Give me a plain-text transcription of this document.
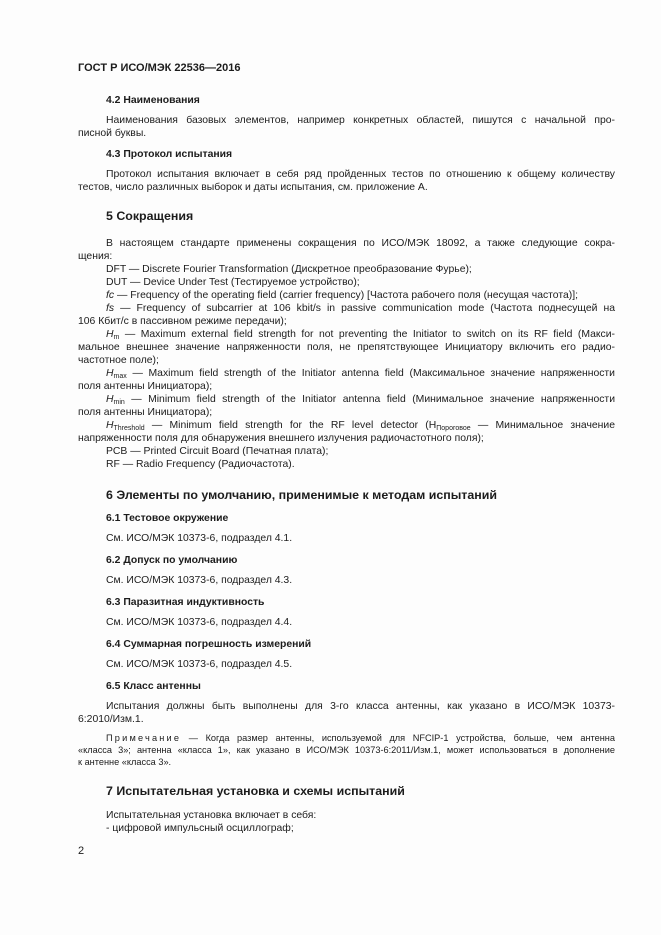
ГОСТ Р ИСО/МЭК 22536—2016
4.2 Наименования
Наименования базовых элементов, например конкретных областей, пишутся с начальной про-
писной буквы.
4.3 Протокол испытания
Протокол испытания включает в себя ряд пройденных тестов по отношению к общему количеству
тестов, число различных выборок и даты испытания, см. приложение А.
5 Сокращения
В настоящем стандарте применены сокращения по ИСО/МЭК 18092, а также следующие сокра-
щения:
DFT — Discrete Fourier Transformation (Дискретное преобразование Фурье);
DUT — Device Under Test (Тестируемое устройство);
fc — Frequency of the operating field (carrier frequency) [Частота рабочего поля (несущая частота)];
fs — Frequency of subcarrier at 106 kbit/s in passive communication mode (Частота поднесущей на
106 Кбит/с в пассивном режиме передачи);
$H_m$ — Maximum external field strength for not preventing the Initiator to switch on its RF field (Макси-
мальное внешнее значение напряженности поля, не препятствующее Инициатору включить его радио-
частотное поле);
$H_{max}$ — Maximum field strength of the Initiator antenna field (Максимальное значение напряженности
поля антенны Инициатора);
$H_{min}$ — Minimum field strength of the Initiator antenna field (Минимальное значение напряженности
поля антенны Инициатора);
$H_{Threshold}$ — Minimum field strength for the RF level detector ($H_{Пороговое}$ — Минимальное значение
напряженности поля для обнаружения внешнего излучения радиочастотного поля);
PCB — Printed Circuit Board (Печатная плата);
RF — Radio Frequency (Радиочастота).
6 Элементы по умолчанию, применимые к методам испытаний
6.1 Тестовое окружение
См. ИСО/МЭК 10373-6, подраздел 4.1.
6.2 Допуск по умолчанию
См. ИСО/МЭК 10373-6, подраздел 4.3.
6.3 Паразитная индуктивность
См. ИСО/МЭК 10373-6, подраздел 4.4.
6.4 Суммарная погрешность измерений
См. ИСО/МЭК 10373-6, подраздел 4.5.
6.5 Класс антенны
Испытания должны быть выполнены для 3-го класса антенны, как указано в ИСО/МЭК 10373-
6:2010/Изм.1.
Примечание — Когда размер антенны, используемой для NFCIP-1 устройства, больше, чем антенна
«класса 3»; антенна «класса 1», как указано в ИСО/МЭК 10373-6:2011/Изм.1, может использоваться в дополнение
к антенне «класса 3».
7 Испытательная установка и схемы испытаний
Испытательная установка включает в себя:
- цифровой импульсный осциллограф;
2
